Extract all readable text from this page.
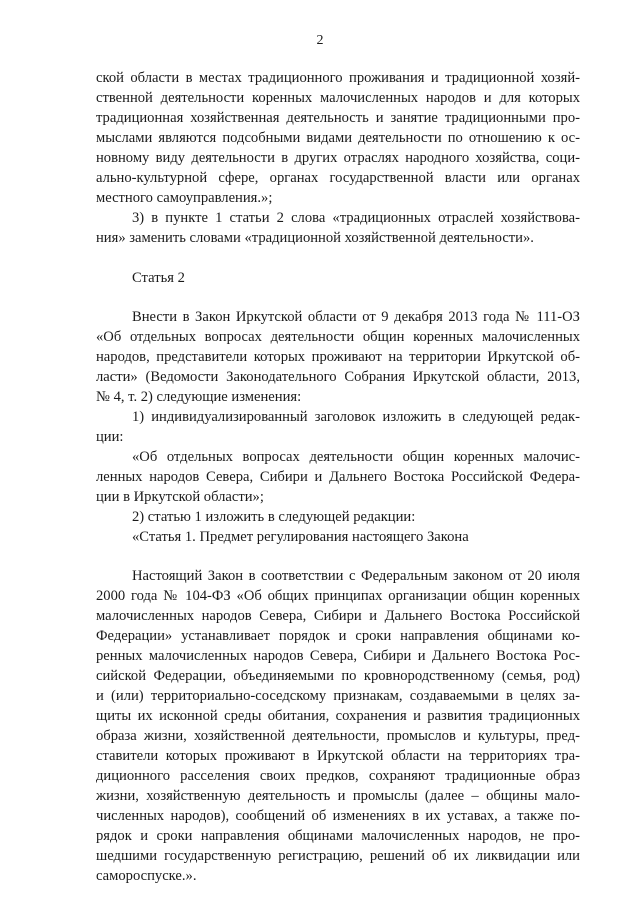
2
ской области в местах традиционного проживания и традиционной хозяй-
ственной деятельности коренных малочисленных народов и для которых
традиционная хозяйственная деятельность и занятие традиционными про-
мыслами являются подсобными видами деятельности по отношению к ос-
новному виду деятельности в других отраслях народного хозяйства, соци-
ально-культурной сфере, органах государственной власти или органах
местного самоуправления.»;
3) в пункте 1 статьи 2 слова «традиционных отраслей хозяйствова-
ния» заменить словами «традиционной хозяйственной деятельности».
Статья 2
Внести в Закон Иркутской области от 9 декабря 2013 года № 111-ОЗ
«Об отдельных вопросах деятельности общин коренных малочисленных
народов, представители которых проживают на территории Иркутской об-
ласти» (Ведомости Законодательного Собрания Иркутской области, 2013,
№ 4, т. 2) следующие изменения:
1) индивидуализированный заголовок изложить в следующей редак-
ции:
«Об отдельных вопросах деятельности общин коренных малочис-
ленных народов Севера, Сибири и Дальнего Востока Российской Федера-
ции в Иркутской области»;
2) статью 1 изложить в следующей редакции:
«Статья 1. Предмет регулирования настоящего Закона
Настоящий Закон в соответствии с Федеральным законом от 20 июля
2000 года № 104-ФЗ «Об общих принципах организации общин коренных
малочисленных народов Севера, Сибири и Дальнего Востока Российской
Федерации» устанавливает порядок и сроки направления общинами ко-
ренных малочисленных народов Севера, Сибири и Дальнего Востока Рос-
сийской Федерации, объединяемыми по кровнородственному (семья, род)
и (или) территориально-соседскому признакам, создаваемыми в целях за-
щиты их исконной среды обитания, сохранения и развития традиционных
образа жизни, хозяйственной деятельности, промыслов и культуры, пред-
ставители которых проживают в Иркутской области на территориях тра-
диционного расселения своих предков, сохраняют традиционные образ
жизни, хозяйственную деятельность и промыслы (далее – общины мало-
численных народов), сообщений об изменениях в их уставах, а также по-
рядок и сроки направления общинами малочисленных народов, не про-
шедшими государственную регистрацию, решений об их ликвидации или
самороспуске.».
